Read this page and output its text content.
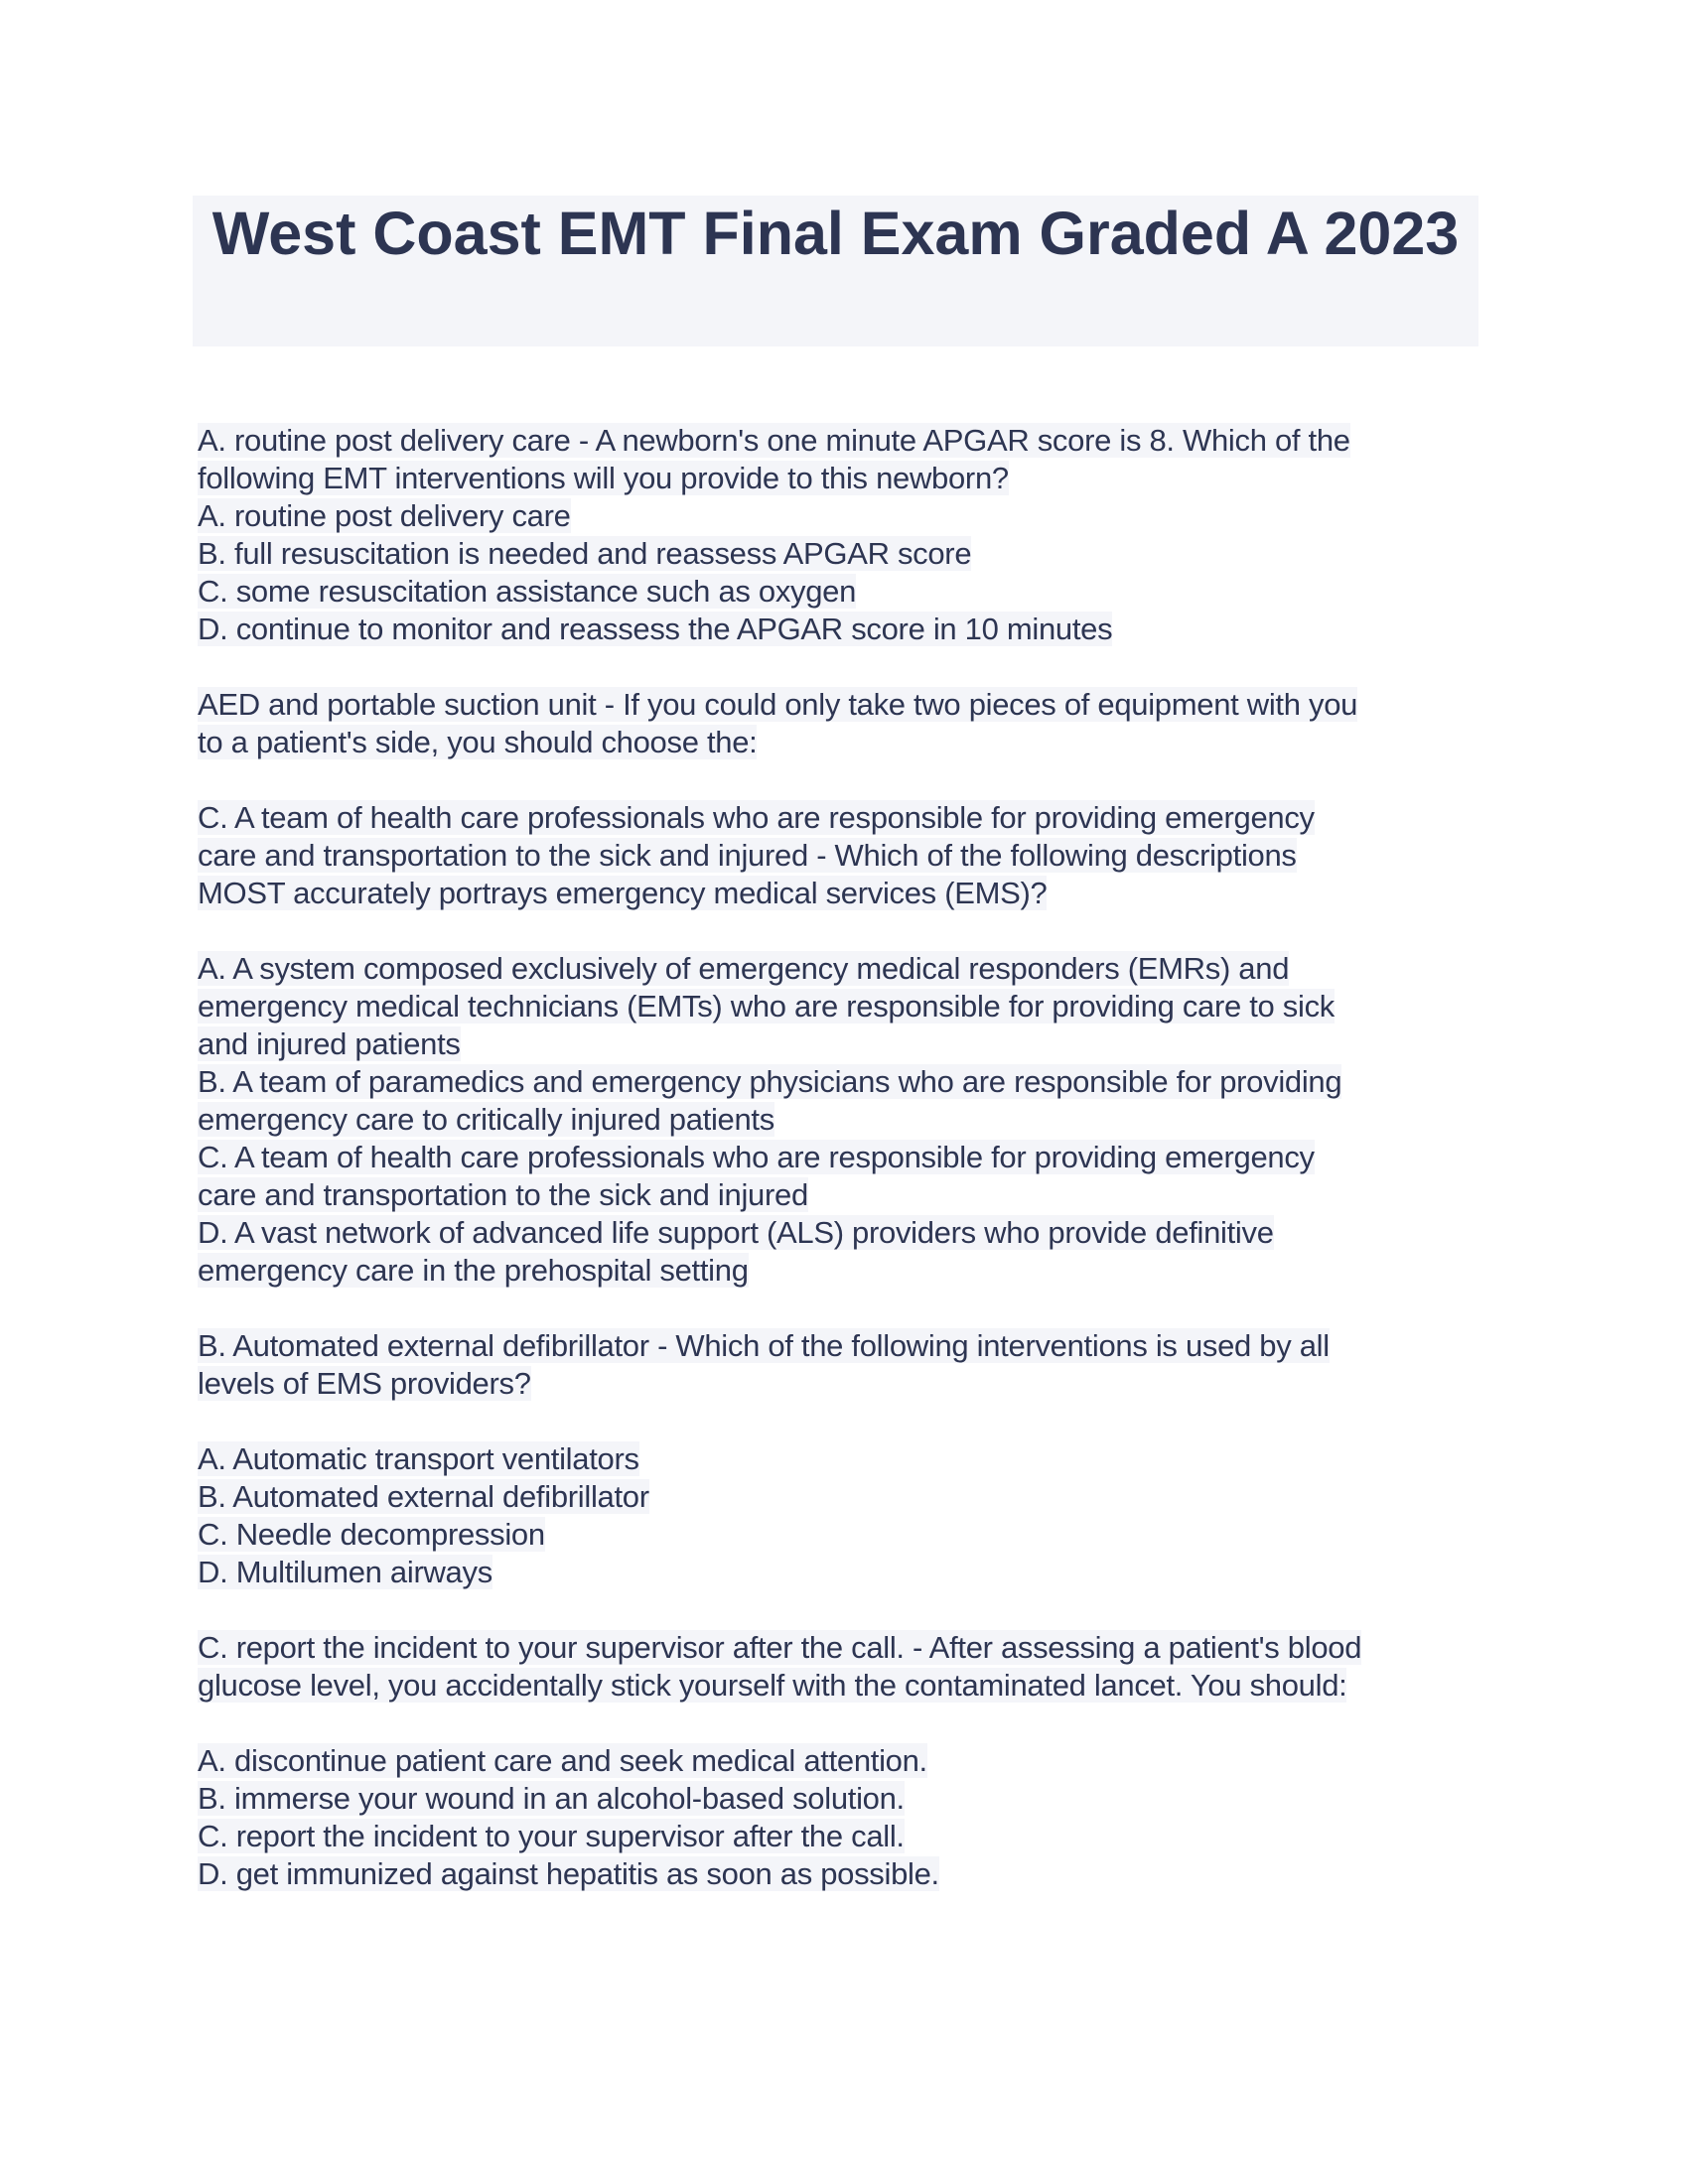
West Coast EMT Final Exam Graded A 2023
A. routine post delivery care - A newborn's one minute APGAR score is 8. Which of the
following EMT interventions will you provide to this newborn?
A. routine post delivery care
B. full resuscitation is needed and reassess APGAR score
C. some resuscitation assistance such as oxygen
D. continue to monitor and reassess the APGAR score in 10 minutes
AED and portable suction unit - If you could only take two pieces of equipment with you
to a patient's side, you should choose the:
C. A team of health care professionals who are responsible for providing emergency
care and transportation to the sick and injured - Which of the following descriptions
MOST accurately portrays emergency medical services (EMS)?
A. A system composed exclusively of emergency medical responders (EMRs) and
emergency medical technicians (EMTs) who are responsible for providing care to sick
and injured patients
B. A team of paramedics and emergency physicians who are responsible for providing
emergency care to critically injured patients
C. A team of health care professionals who are responsible for providing emergency
care and transportation to the sick and injured
D. A vast network of advanced life support (ALS) providers who provide definitive
emergency care in the prehospital setting
B. Automated external defibrillator - Which of the following interventions is used by all
levels of EMS providers?
A. Automatic transport ventilators
B. Automated external defibrillator
C. Needle decompression
D. Multilumen airways
C. report the incident to your supervisor after the call. - After assessing a patient's blood
glucose level, you accidentally stick yourself with the contaminated lancet. You should:
A. discontinue patient care and seek medical attention.
B. immerse your wound in an alcohol-based solution.
C. report the incident to your supervisor after the call.
D. get immunized against hepatitis as soon as possible.
